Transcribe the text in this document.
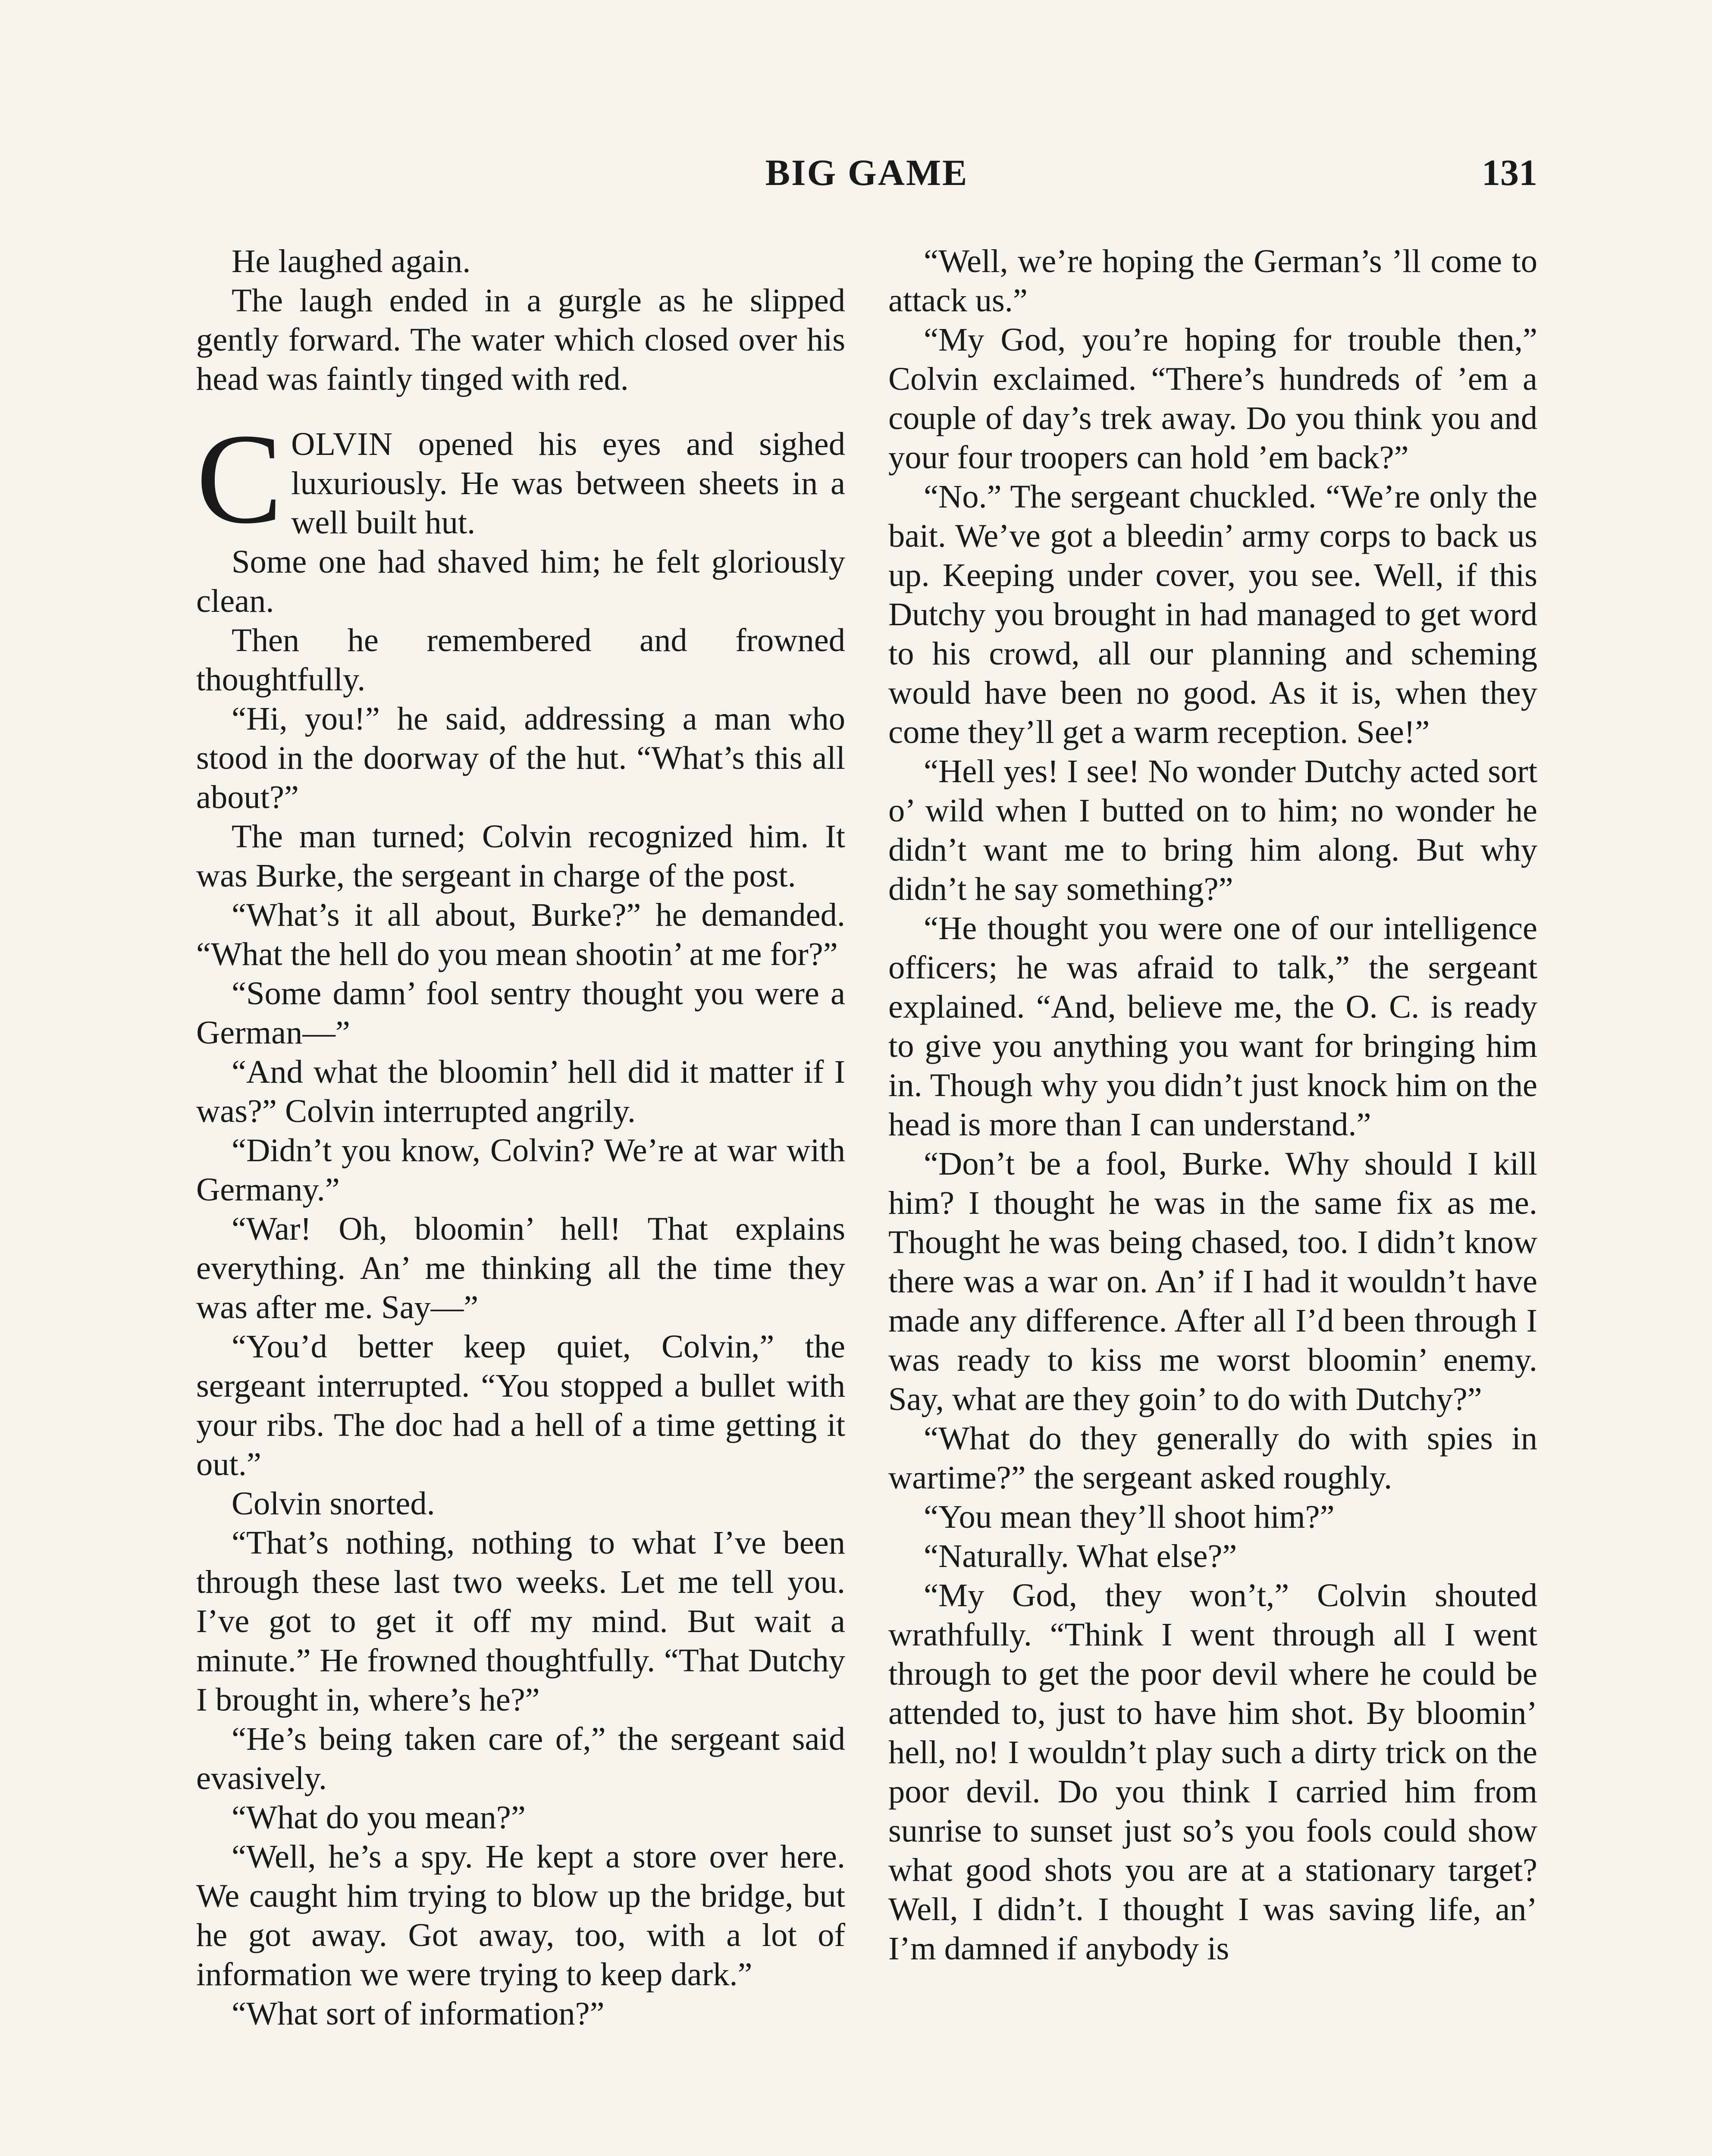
BIG GAME	131

He laughed again.

The laugh ended in a gurgle as he slipped gently forward. The water which closed over his head was faintly tinged with red.

COLVIN opened his eyes and sighed luxuriously. He was between sheets in a well built hut.

Some one had shaved him; he felt gloriously clean.

Then he remembered and frowned thoughtfully.

“Hi, you!” he said, addressing a man who stood in the doorway of the hut. “What’s this all about?”

The man turned; Colvin recognized him. It was Burke, the sergeant in charge of the post.

“What’s it all about, Burke?” he demanded. “What the hell do you mean shootin’ at me for?”

“Some damn’ fool sentry thought you were a German—”

“And what the bloomin’ hell did it matter if I was?” Colvin interrupted angrily.

“Didn’t you know, Colvin? We’re at war with Germany.”

“War! Oh, bloomin’ hell! That explains everything. An’ me thinking all the time they was after me. Say—”

“You’d better keep quiet, Colvin,” the sergeant interrupted. “You stopped a bullet with your ribs. The doc had a hell of a time getting it out.”

Colvin snorted.

“That’s nothing, nothing to what I’ve been through these last two weeks. Let me tell you. I’ve got to get it off my mind. But wait a minute.” He frowned thoughtfully. “That Dutchy I brought in, where’s he?”

“He’s being taken care of,” the sergeant said evasively.

“What do you mean?”

“Well, he’s a spy. He kept a store over here. We caught him trying to blow up the bridge, but he got away. Got away, too, with a lot of information we were trying to keep dark.”

“What sort of information?”

“Well, we’re hoping the German’s ’ll come to attack us.”

“My God, you’re hoping for trouble then,” Colvin exclaimed. “There’s hundreds of ’em a couple of day’s trek away. Do you think you and your four troopers can hold ’em back?”

“No.” The sergeant chuckled. “We’re only the bait. We’ve got a bleedin’ army corps to back us up. Keeping under cover, you see. Well, if this Dutchy you brought in had managed to get word to his crowd, all our planning and scheming would have been no good. As it is, when they come they’ll get a warm reception. See!”

“Hell yes! I see! No wonder Dutchy acted sort o’ wild when I butted on to him; no wonder he didn’t want me to bring him along. But why didn’t he say something?”

“He thought you were one of our intelligence officers; he was afraid to talk,” the sergeant explained. “And, believe me, the O. C. is ready to give you anything you want for bringing him in. Though why you didn’t just knock him on the head is more than I can understand.”

“Don’t be a fool, Burke. Why should I kill him? I thought he was in the same fix as me. Thought he was being chased, too. I didn’t know there was a war on. An’ if I had it wouldn’t have made any difference. After all I’d been through I was ready to kiss me worst bloomin’ enemy. Say, what are they goin’ to do with Dutchy?”

“What do they generally do with spies in wartime?” the sergeant asked roughly.

“You mean they’ll shoot him?”

“Naturally. What else?”

“My God, they won’t,” Colvin shouted wrathfully. “Think I went through all I went through to get the poor devil where he could be attended to, just to have him shot. By bloomin’ hell, no! I wouldn’t play such a dirty trick on the poor devil. Do you think I carried him from sunrise to sunset just so’s you fools could show what good shots you are at a stationary target? Well, I didn’t. I thought I was saving life, an’ I’m damned if anybody is
